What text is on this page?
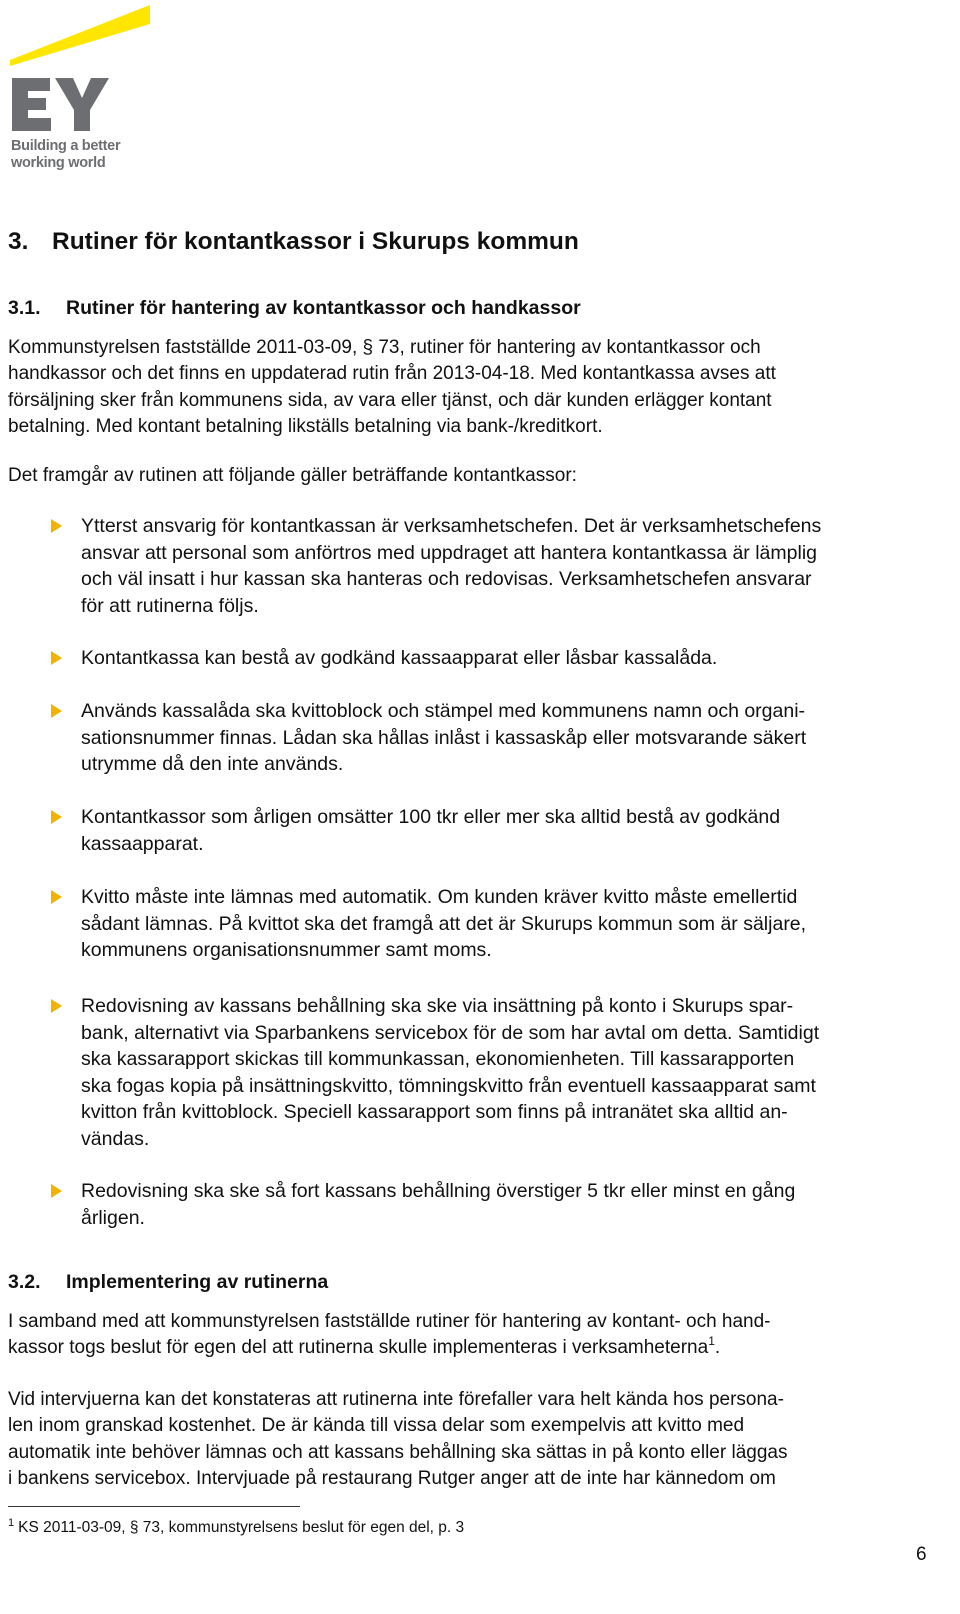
Building a better
working world
3. Rutiner för kontantkassor i Skurups kommun
3.1. Rutiner för hantering av kontantkassor och handkassor
Kommunstyrelsen fastställde 2011-03-09, § 73, rutiner för hantering av kontantkassor och
handkassor och det finns en uppdaterad rutin från 2013-04-18. Med kontantkassa avses att
försäljning sker från kommunens sida, av vara eller tjänst, och där kunden erlägger kontant
betalning. Med kontant betalning likställs betalning via bank-/kreditkort.
Det framgår av rutinen att följande gäller beträffande kontantkassor:
Ytterst ansvarig för kontantkassan är verksamhetschefen. Det är verksamhetschefens
ansvar att personal som anförtros med uppdraget att hantera kontantkassa är lämplig
och väl insatt i hur kassan ska hanteras och redovisas. Verksamhetschefen ansvarar
för att rutinerna följs.
Kontantkassa kan bestå av godkänd kassaapparat eller låsbar kassalåda.
Används kassalåda ska kvittoblock och stämpel med kommunens namn och organi-
sationsnummer finnas. Lådan ska hållas inlåst i kassaskåp eller motsvarande säkert
utrymme då den inte används.
Kontantkassor som årligen omsätter 100 tkr eller mer ska alltid bestå av godkänd
kassaapparat.
Kvitto måste inte lämnas med automatik. Om kunden kräver kvitto måste emellertid
sådant lämnas. På kvittot ska det framgå att det är Skurups kommun som är säljare,
kommunens organisationsnummer samt moms.
Redovisning av kassans behållning ska ske via insättning på konto i Skurups spar-
bank, alternativt via Sparbankens servicebox för de som har avtal om detta. Samtidigt
ska kassarapport skickas till kommunkassan, ekonomienheten. Till kassarapporten
ska fogas kopia på insättningskvitto, tömningskvitto från eventuell kassaapparat samt
kvitton från kvittoblock. Speciell kassarapport som finns på intranätet ska alltid an-
vändas.
Redovisning ska ske så fort kassans behållning överstiger 5 tkr eller minst en gång
årligen.
3.2. Implementering av rutinerna
I samband med att kommunstyrelsen fastställde rutiner för hantering av kontant- och hand-
kassor togs beslut för egen del att rutinerna skulle implementeras i verksamheterna$^1$.
Vid intervjuerna kan det konstateras att rutinerna inte förefaller vara helt kända hos persona-
len inom granskad kostenhet. De är kända till vissa delar som exempelvis att kvitto med
automatik inte behöver lämnas och att kassans behållning ska sättas in på konto eller läggas
i bankens servicebox. Intervjuade på restaurang Rutger anger att de inte har kännedom om
$^1$ KS 2011-03-09, § 73, kommunstyrelsens beslut för egen del, p. 3
6
